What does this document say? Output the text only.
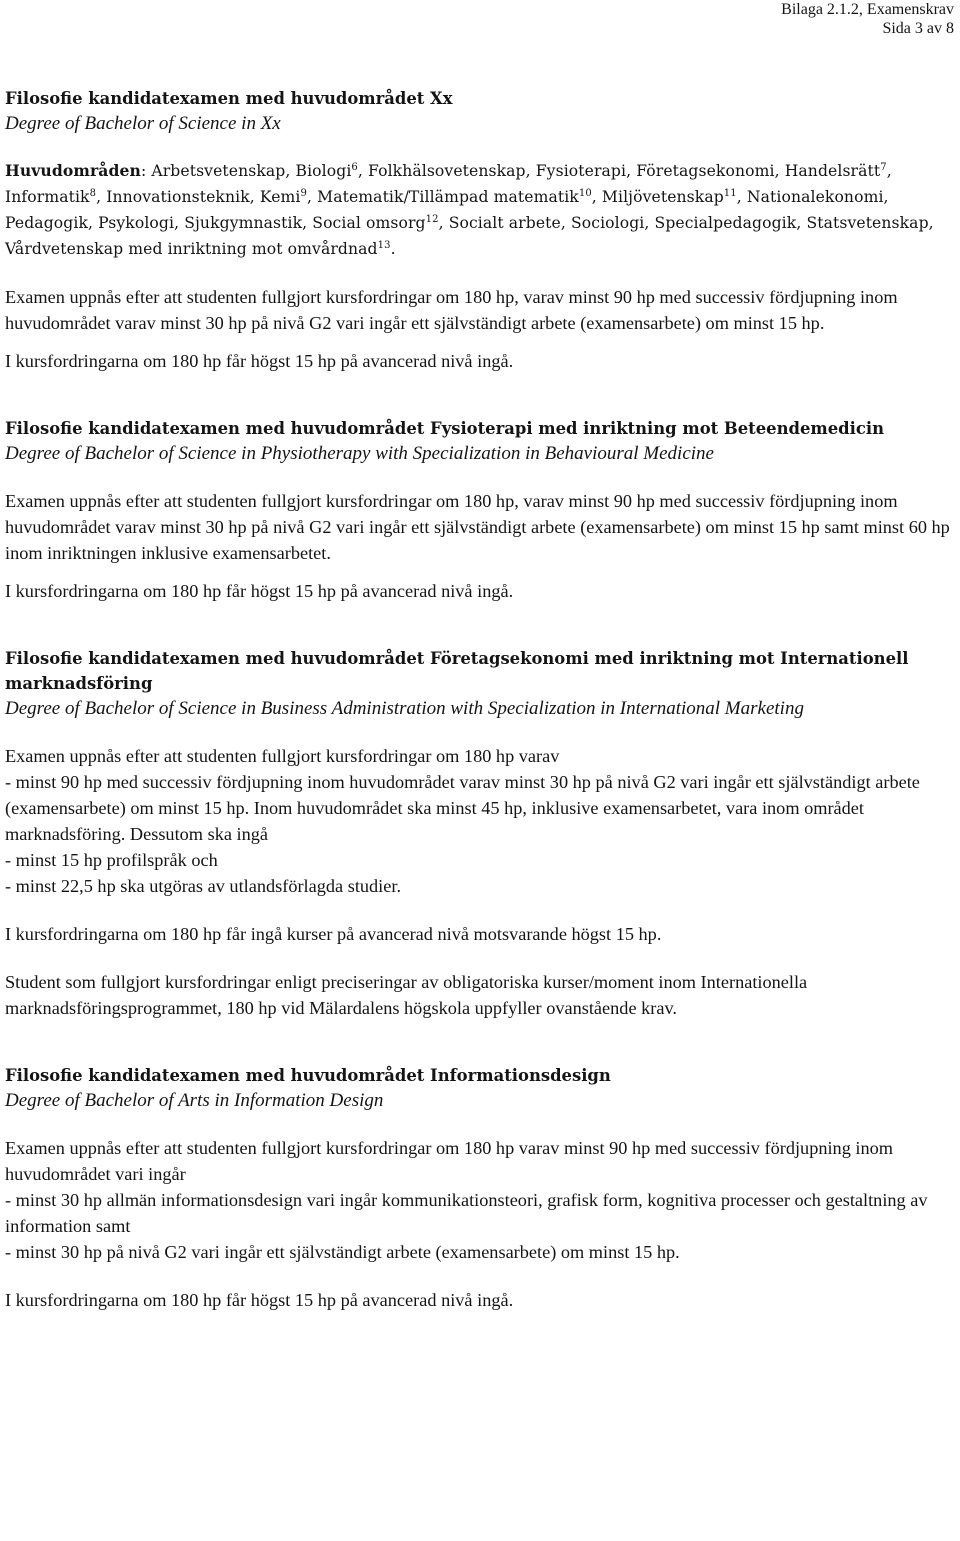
Bilaga 2.1.2, Examenskrav
Sida 3 av 8

Filosofie kandidatexamen med huvudområdet Xx

Degree of Bachelor of Science in Xx

Huvudområden: Arbetsvetenskap, Biologi$^6$, Folkhälsovetenskap, Fysioterapi, Företagsekonomi, Handelsrätt$^7$, Informatik$^8$, Innovationsteknik, Kemi$^9$, Matematik/Tillämpad matematik$^{10}$, Miljövetenskap$^{11}$, Nationalekonomi, Pedagogik, Psykologi, Sjukgymnastik, Social omsorg$^{12}$, Socialt arbete, Sociologi, Specialpedagogik, Statsvetenskap, Vårdvetenskap med inriktning mot omvårdnad$^{13}$.

Examen uppnås efter att studenten fullgjort kursfordringar om 180 hp, varav minst 90 hp med successiv fördjupning inom huvudområdet varav minst 30 hp på nivå G2 vari ingår ett självständigt arbete (examensarbete) om minst 15 hp.

I kursfordringarna om 180 hp får högst 15 hp på avancerad nivå ingå.

Filosofie kandidatexamen med huvudområdet Fysioterapi med inriktning mot Beteendemedicin

Degree of Bachelor of Science in Physiotherapy with Specialization in Behavioural Medicine

Examen uppnås efter att studenten fullgjort kursfordringar om 180 hp, varav minst 90 hp med successiv fördjupning inom huvudområdet varav minst 30 hp på nivå G2 vari ingår ett självständigt arbete (examensarbete) om minst 15 hp samt minst 60 hp inom inriktningen inklusive examensarbetet.

I kursfordringarna om 180 hp får högst 15 hp på avancerad nivå ingå.

Filosofie kandidatexamen med huvudområdet Företagsekonomi med inriktning mot Internationell marknadsföring

Degree of Bachelor of Science in Business Administration with Specialization in International Marketing

Examen uppnås efter att studenten fullgjort kursfordringar om 180 hp varav
- minst 90 hp med successiv fördjupning inom huvudområdet varav minst 30 hp på nivå G2 vari ingår ett självständigt arbete (examensarbete) om minst 15 hp. Inom huvudområdet ska minst 45 hp, inklusive examensarbetet, vara inom området marknadsföring. Dessutom ska ingå
- minst 15 hp profilspråk och
- minst 22,5 hp ska utgöras av utlandsförlagda studier.

I kursfordringarna om 180 hp får ingå kurser på avancerad nivå motsvarande högst 15 hp.

Student som fullgjort kursfordringar enligt preciseringar av obligatoriska kurser/moment inom Internationella marknadsföringsprogrammet, 180 hp vid Mälardalens högskola uppfyller ovanstående krav.

Filosofie kandidatexamen med huvudområdet Informationsdesign

Degree of Bachelor of Arts in Information Design

Examen uppnås efter att studenten fullgjort kursfordringar om 180 hp varav minst 90 hp med successiv fördjupning inom huvudområdet vari ingår
- minst 30 hp allmän informationsdesign vari ingår kommunikationsteori, grafisk form, kognitiva processer och gestaltning av information samt
- minst 30 hp på nivå G2 vari ingår ett självständigt arbete (examensarbete) om minst 15 hp.

I kursfordringarna om 180 hp får högst 15 hp på avancerad nivå ingå.
